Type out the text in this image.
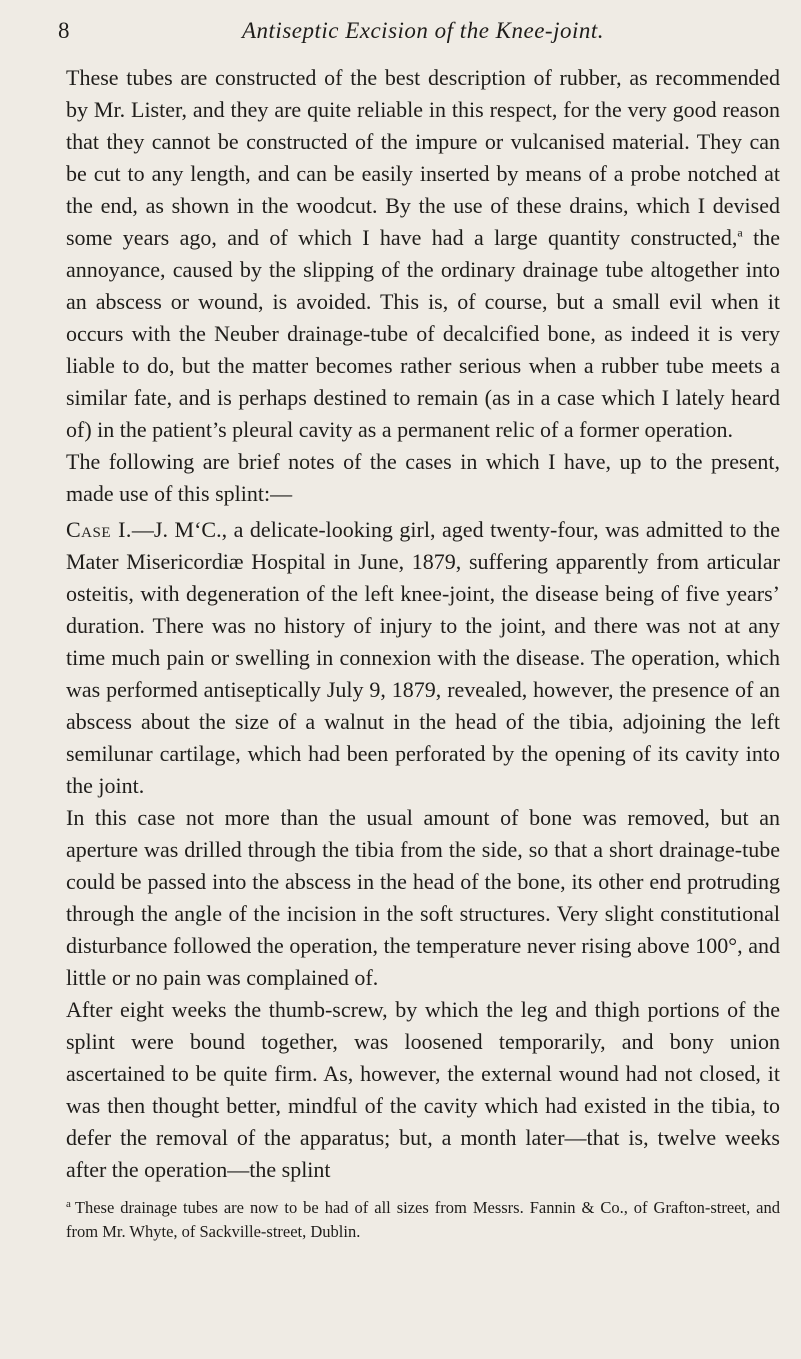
8	Antiseptic Excision of the Knee-joint.

These tubes are constructed of the best description of rubber, as recommended by Mr. Lister, and they are quite reliable in this respect, for the very good reason that they cannot be constructed of the impure or vulcanised material. They can be cut to any length, and can be easily inserted by means of a probe notched at the end, as shown in the woodcut. By the use of these drains, which I devised some years ago, and of which I have had a large quantity constructed,$^a$ the annoyance, caused by the slipping of the ordinary drainage tube altogether into an abscess or wound, is avoided. This is, of course, but a small evil when it occurs with the Neuber drainage-tube of decalcified bone, as indeed it is very liable to do, but the matter becomes rather serious when a rubber tube meets a similar fate, and is perhaps destined to remain (as in a case which I lately heard of) in the patient’s pleural cavity as a permanent relic of a former operation.

The following are brief notes of the cases in which I have, up to the present, made use of this splint:—

Case I.—J. M‘C., a delicate-looking girl, aged twenty-four, was admitted to the Mater Misericordiæ Hospital in June, 1879, suffering apparently from articular osteitis, with degeneration of the left knee-joint, the disease being of five years’ duration. There was no history of injury to the joint, and there was not at any time much pain or swelling in connexion with the disease. The operation, which was performed antiseptically July 9, 1879, revealed, however, the presence of an abscess about the size of a walnut in the head of the tibia, adjoining the left semilunar cartilage, which had been perforated by the opening of its cavity into the joint.

In this case not more than the usual amount of bone was removed, but an aperture was drilled through the tibia from the side, so that a short drainage-tube could be passed into the abscess in the head of the bone, its other end protruding through the angle of the incision in the soft structures. Very slight constitutional disturbance followed the operation, the temperature never rising above 100°, and little or no pain was complained of.

After eight weeks the thumb-screw, by which the leg and thigh portions of the splint were bound together, was loosened temporarily, and bony union ascertained to be quite firm. As, however, the external wound had not closed, it was then thought better, mindful of the cavity which had existed in the tibia, to defer the removal of the apparatus; but, a month later—that is, twelve weeks after the operation—the splint

$^a$ These drainage tubes are now to be had of all sizes from Messrs. Fannin & Co., of Grafton-street, and from Mr. Whyte, of Sackville-street, Dublin.
